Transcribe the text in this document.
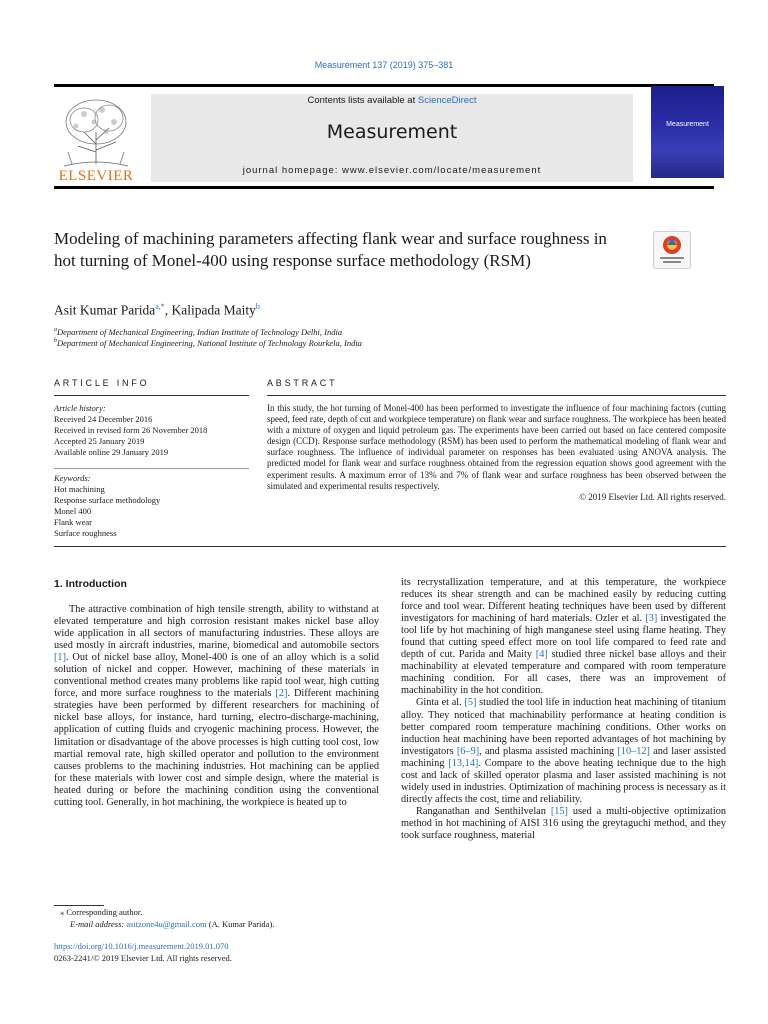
Measurement 137 (2019) 375–381
ELSEVIER
Contents lists available at ScienceDirect
Measurement
journal homepage: www.elsevier.com/locate/measurement
Measurement
Modeling of machining parameters affecting flank wear and surface roughness in hot turning of Monel-400 using response surface methodology (RSM)
Asit Kumar Parida$^{a,*}$, Kalipada Maity$^b$
$^a$Department of Mechanical Engineering, Indian Institute of Technology Delhi, India
$^b$Department of Mechanical Engineering, National Institute of Technology Rourkela, India
ARTICLE INFO	ABSTRACT
Article history:
Received 24 December 2016
Received in revised form 26 November 2018
Accepted 25 January 2019
Available online 29 January 2019
Keywords:
Hot machining
Response surface methodology
Monel 400
Flank wear
Surface roughness
In this study, the hot turning of Monel-400 has been performed to investigate the influence of four machining factors (cutting speed, feed rate, depth of cut and workpiece temperature) on flank wear and surface roughness. The workpiece has been heated with a mixture of oxygen and liquid petroleum gas. The experiments have been carried out based on face centered composite design (CCD). Response surface methodology (RSM) has been used to perform the mathematical modeling of flank wear and surface roughness. The influence of individual parameter on responses has been evaluated using ANOVA analysis. The predicted model for flank wear and surface roughness obtained from the regression equation shows good agreement with the experiment results. A maximum error of 13% and 7% of flank wear and surface roughness has been observed between the simulated and experimental results respectively.
© 2019 Elsevier Ltd. All rights reserved.
1. Introduction

The attractive combination of high tensile strength, ability to withstand at elevated temperature and high corrosion resistant makes nickel base alloy wide application in all sectors of manufacturing industries. These alloys are used mostly in aircraft industries, marine, biomedical and automobile sectors [1]. Out of nickel base alloy, Monel-400 is one of an alloy which is a solid solution of nickel and copper. However, machining of these materials in conventional method creates many problems like rapid tool wear, high cutting force, and more surface roughness to the materials [2]. Different machining strategies have been performed by different researchers for machining of nickel base alloys, for instance, hard turning, electro-discharge-machining, application of cutting fluids and cryogenic machining process. However, the limitation or disadvantage of the above processes is high cutting tool cost, low martial removal rate, high skilled operator and pollution to the environment causes problems to the machining industries. Hot machining can be applied for these materials with lower cost and simple design, where the material is heated during or before the machining condition using the conventional cutting tool. Generally, in hot machining, the workpiece is heated up to

its recrystallization temperature, and at this temperature, the workpiece reduces its shear strength and can be machined easily by reducing cutting force and tool wear. Different heating techniques have been used by different investigators for machining of hard materials. Ozler et al. [3] investigated the tool life by hot machining of high manganese steel using flame heating. They found that cutting speed effect more on tool life compared to feed rate and depth of cut. Parida and Maity [4] studied three nickel base alloys and their machinability at elevated temperature and compared with room temperature machining condition. For all cases, there was an improvement of machinability in the hot condition.

Ginta et al. [5] studied the tool life in induction heat machining of titanium alloy. They noticed that machinability performance at heating condition is better compared room temperature machining conditions. Other works on induction heat machining have been reported advantages of hot machining by investigators [6–9], and plasma assisted machining [10–12] and laser assisted machining [13,14]. Compare to the above heating technique due to the high cost and lack of skilled operator plasma and laser assisted machining is not widely used in industries. Optimization of machining process is necessary as it directly affects the cost, time and reliability.

Ranganathan and Senthilvelan [15] used a multi-objective optimization method in hot machining of AISI 316 using the greytaguchi method, and they took surface roughness, material

⁎ Corresponding author.
E-mail address: asitzone4u@gmail.com (A. Kumar Parida).
https://doi.org/10.1016/j.measurement.2019.01.070
0263-2241/© 2019 Elsevier Ltd. All rights reserved.
